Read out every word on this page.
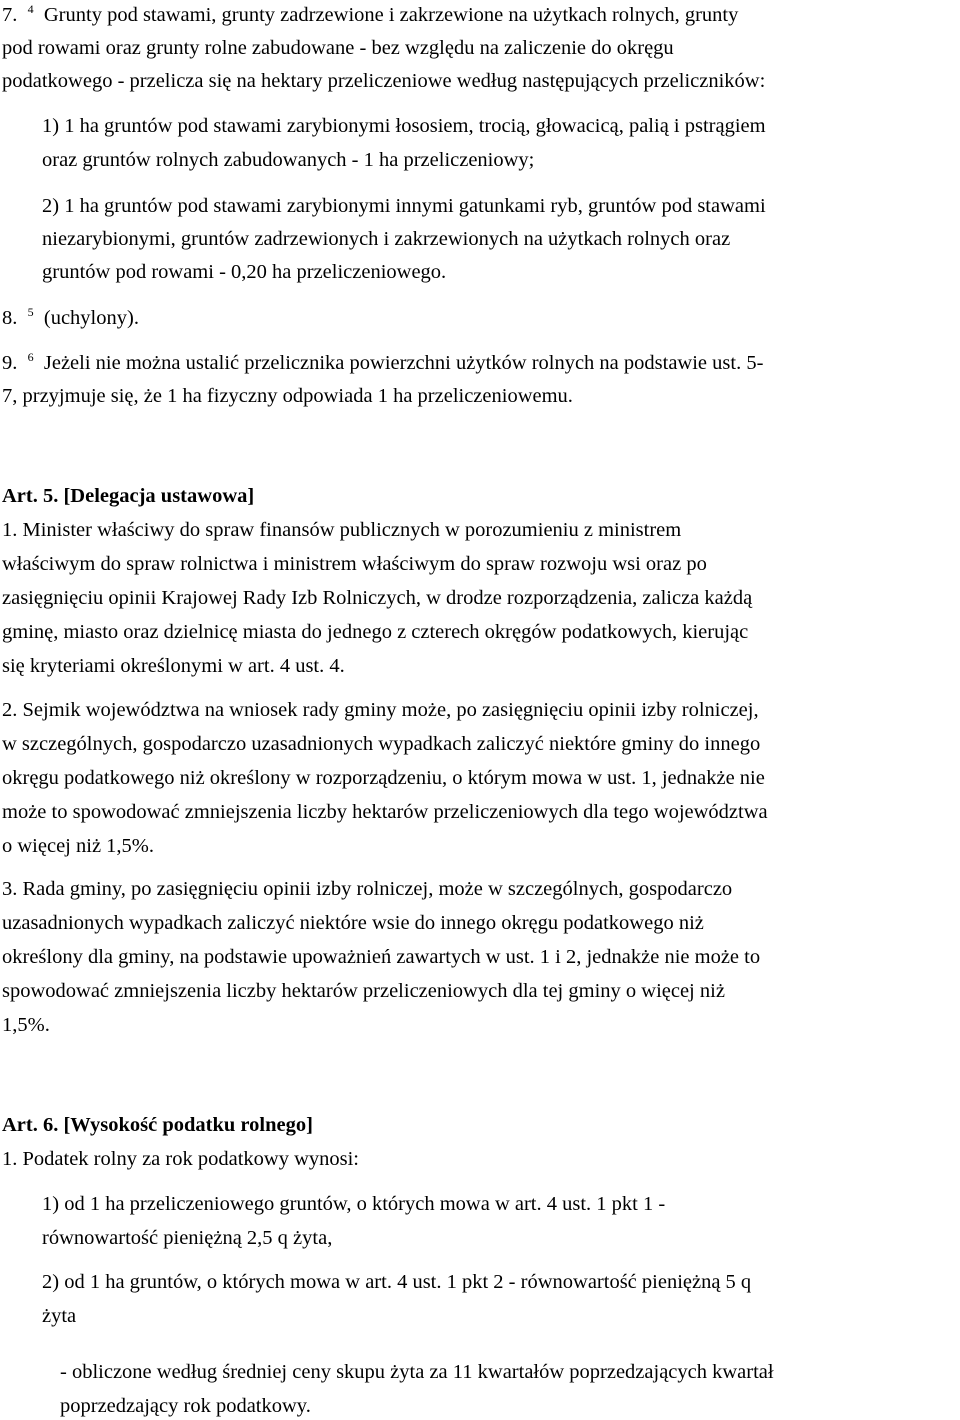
7. $^4$ Grunty pod stawami, grunty zadrzewione i zakrzewione na użytkach rolnych, grunty
pod rowami oraz grunty rolne zabudowane - bez względu na zaliczenie do okręgu
podatkowego - przelicza się na hektary przeliczeniowe według następujących przeliczników:
1) 1 ha gruntów pod stawami zarybionymi łososiem, trocią, głowacicą, palią i pstrągiem
oraz gruntów rolnych zabudowanych - 1 ha przeliczeniowy;
2) 1 ha gruntów pod stawami zarybionymi innymi gatunkami ryb, gruntów pod stawami
niezarybionymi, gruntów zadrzewionych i zakrzewionych na użytkach rolnych oraz
gruntów pod rowami - 0,20 ha przeliczeniowego.
8. $^5$ (uchylony).
9. $^6$ Jeżeli nie można ustalić przelicznika powierzchni użytków rolnych na podstawie ust. 5-
7, przyjmuje się, że 1 ha fizyczny odpowiada 1 ha przeliczeniowemu.
Art. 5. [Delegacja ustawowa]
1. Minister właściwy do spraw finansów publicznych w porozumieniu z ministrem
właściwym do spraw rolnictwa i ministrem właściwym do spraw rozwoju wsi oraz po
zasięgnięciu opinii Krajowej Rady Izb Rolniczych, w drodze rozporządzenia, zalicza każdą
gminę, miasto oraz dzielnicę miasta do jednego z czterech okręgów podatkowych, kierując
się kryteriami określonymi w art. 4 ust. 4.
2. Sejmik województwa na wniosek rady gminy może, po zasięgnięciu opinii izby rolniczej,
w szczególnych, gospodarczo uzasadnionych wypadkach zaliczyć niektóre gminy do innego
okręgu podatkowego niż określony w rozporządzeniu, o którym mowa w ust. 1, jednakże nie
może to spowodować zmniejszenia liczby hektarów przeliczeniowych dla tego województwa
o więcej niż 1,5%.
3. Rada gminy, po zasięgnięciu opinii izby rolniczej, może w szczególnych, gospodarczo
uzasadnionych wypadkach zaliczyć niektóre wsie do innego okręgu podatkowego niż
określony dla gminy, na podstawie upoważnień zawartych w ust. 1 i 2, jednakże nie może to
spowodować zmniejszenia liczby hektarów przeliczeniowych dla tej gminy o więcej niż
1,5%.
Art. 6. [Wysokość podatku rolnego]
1. Podatek rolny za rok podatkowy wynosi:
1) od 1 ha przeliczeniowego gruntów, o których mowa w art. 4 ust. 1 pkt 1 -
równowartość pieniężną 2,5 q żyta,
2) od 1 ha gruntów, o których mowa w art. 4 ust. 1 pkt 2 - równowartość pieniężną 5 q
żyta
- obliczone według średniej ceny skupu żyta za 11 kwartałów poprzedzających kwartał
poprzedzający rok podatkowy.
